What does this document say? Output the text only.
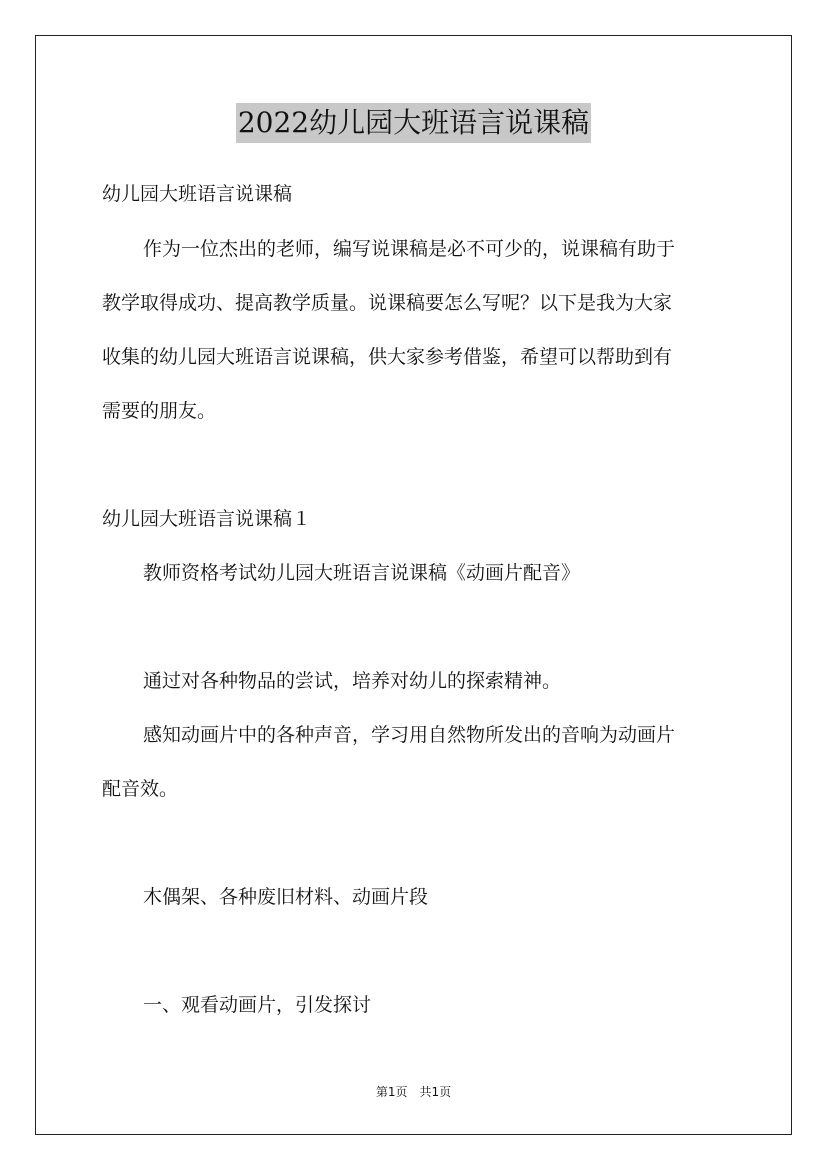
2022幼儿园大班语言说课稿
幼儿园大班语言说课稿
作为一位杰出的老师，编写说课稿是必不可少的，说课稿有助于
教学取得成功、提高教学质量。说课稿要怎么写呢？以下是我为大家
收集的幼儿园大班语言说课稿，供大家参考借鉴，希望可以帮助到有
需要的朋友。
幼儿园大班语言说课稿１
教师资格考试幼儿园大班语言说课稿《动画片配音》
通过对各种物品的尝试，培养对幼儿的探索精神。
感知动画片中的各种声音，学习用自然物所发出的音响为动画片
配音效。
木偶架、各种废旧材料、动画片段
一、观看动画片，引发探讨
第1页　共1页
